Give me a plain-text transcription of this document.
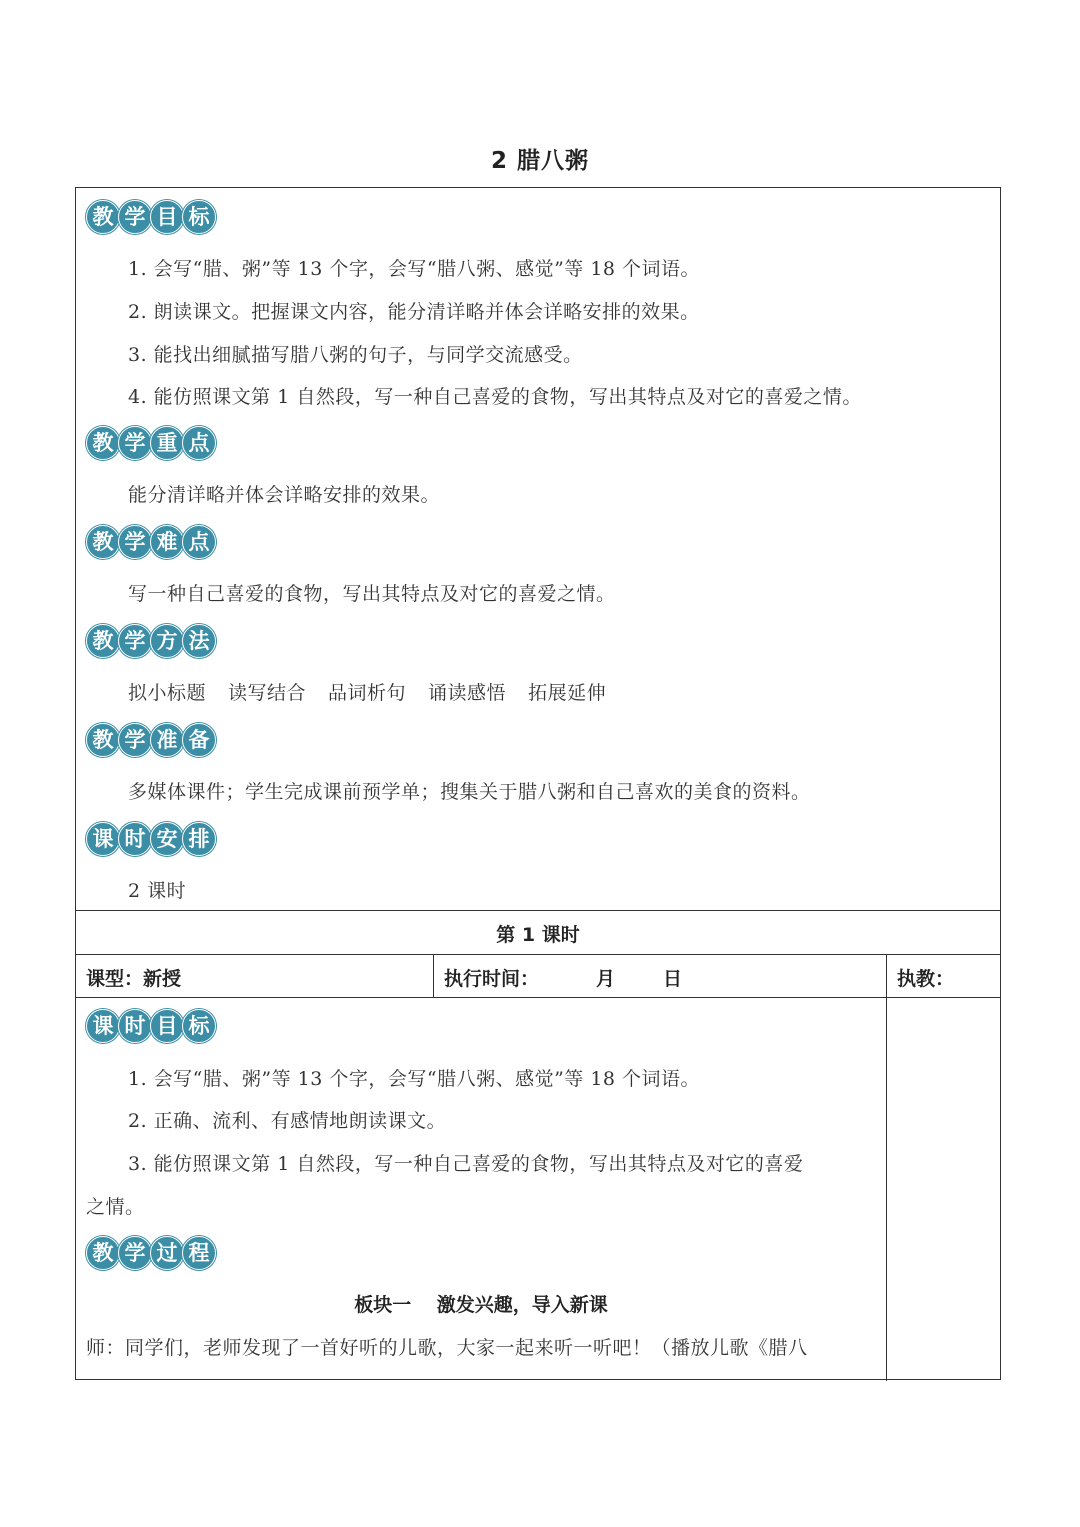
2 腊八粥
教 学 目 标
1. 会写“腊、粥”等 13 个字，会写“腊八粥、感觉”等 18 个词语。
2. 朗读课文。把握课文内容，能分清详略并体会详略安排的效果。
3. 能找出细腻描写腊八粥的句子，与同学交流感受。
4. 能仿照课文第 1 自然段，写一种自己喜爱的食物，写出其特点及对它的喜爱之情。
教 学 重 点
能分清详略并体会详略安排的效果。
教 学 难 点
写一种自己喜爱的食物，写出其特点及对它的喜爱之情。
教 学 方 法
拟小标题 读写结合 品词析句 诵读感悟 拓展延伸
教 学 准 备
多媒体课件；学生完成课前预学单；搜集关于腊八粥和自己喜欢的美食的资料。
课 时 安 排
2 课时
第 1 课时
课型：新授	执行时间：	月	日	执教：
课 时 目 标
1. 会写“腊、粥”等 13 个字，会写“腊八粥、感觉”等 18 个词语。
2. 正确、流利、有感情地朗读课文。
3. 能仿照课文第 1 自然段，写一种自己喜爱的食物，写出其特点及对它的喜爱
之情。
教 学 过 程
板块一　 激发兴趣，导入新课
师：同学们，老师发现了一首好听的儿歌，大家一起来听一听吧！（播放儿歌《腊八
